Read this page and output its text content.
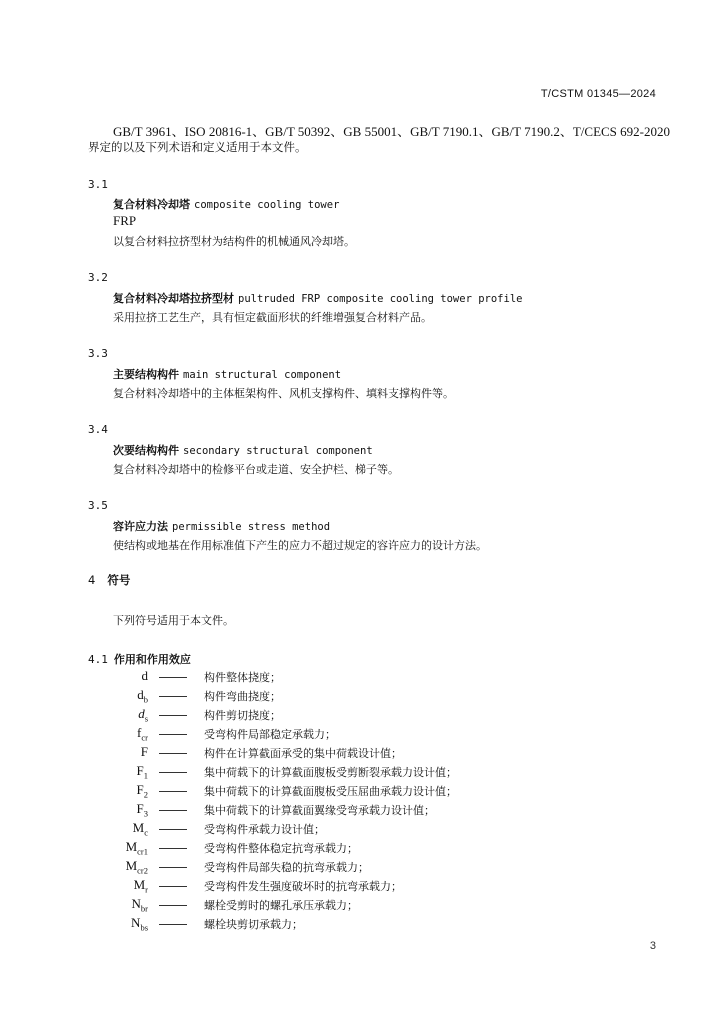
T/CSTM 01345—2024
GB/T 3961、ISO 20816-1、GB/T 50392、GB 55001、GB/T 7190.1、GB/T 7190.2、T/CECS 692-2020
界定的以及下列术语和定义适用于本文件。
3.1
复合材料冷却塔 composite cooling tower
FRP
以复合材料拉挤型材为结构件的机械通风冷却塔。
3.2
复合材料冷却塔拉挤型材 pultruded FRP composite cooling tower profile
采用拉挤工艺生产，具有恒定截面形状的纤维增强复合材料产品。
3.3
主要结构构件 main structural component
复合材料冷却塔中的主体框架构件、风机支撑构件、填料支撑构件等。
3.4
次要结构构件 secondary structural component
复合材料冷却塔中的检修平台或走道、安全护栏、梯子等。
3.5
容许应力法 permissible stress method
使结构或地基在作用标准值下产生的应力不超过规定的容许应力的设计方法。
4 符号
下列符号适用于本文件。
4.1 作用和作用效应
d	构件整体挠度；
$d_b$	构件弯曲挠度；
$d_s$	构件剪切挠度；
$f_{cr}$	受弯构件局部稳定承载力；
F	构件在计算截面承受的集中荷载设计值；
$F_1$	集中荷载下的计算截面腹板受剪断裂承载力设计值；
$F_2$	集中荷载下的计算截面腹板受压屈曲承载力设计值；
$F_3$	集中荷载下的计算截面翼缘受弯承载力设计值；
$M_c$	受弯构件承载力设计值；
$M_{cr1}$	受弯构件整体稳定抗弯承载力；
$M_{cr2}$	受弯构件局部失稳的抗弯承载力；
$M_r$	受弯构件发生强度破坏时的抗弯承载力；
$N_{br}$	螺栓受剪时的螺孔承压承载力；
$N_{bs}$	螺栓块剪切承载力；
3
